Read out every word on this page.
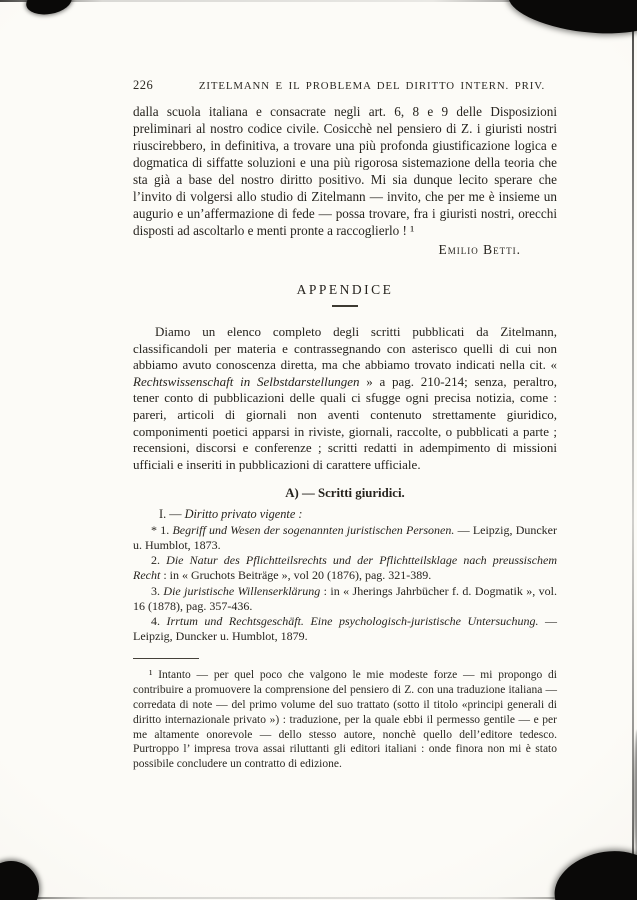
226	ZITELMANN E IL PROBLEMA DEL DIRITTO INTERN. PRIV.

dalla scuola italiana e consacrate negli art. 6, 8 e 9 delle Disposizioni preliminari al nostro codice civile. Cosicchè nel pensiero di Z. i giuristi nostri riuscirebbero, in definitiva, a trovare una più profonda giustificazione logica e dogmatica di siffatte soluzioni e una più rigorosa sistemazione della teoria che sta già a base del nostro diritto positivo. Mi sia dunque lecito sperare che l’invito di volgersi allo studio di Zitelmann — invito, che per me è insieme un augurio e un’affermazione di fede — possa trovare, fra i giuristi nostri, orecchi disposti ad ascoltarlo e menti pronte a raccoglierlo ! ¹

Emilio Betti.

APPENDICE

Diamo un elenco completo degli scritti pubblicati da Zitelmann, classificandoli per materia e contrassegnando con asterisco quelli di cui non abbiamo avuto conoscenza diretta, ma che abbiamo trovato indicati nella cit. « Rechtswissenschaft in Selbstdarstellungen » a pag. 210-214; senza, peraltro, tener conto di pubblicazioni delle quali ci sfugge ogni precisa notizia, come : pareri, articoli di giornali non aventi contenuto strettamente giuridico, componimenti poetici apparsi in riviste, giornali, raccolte, o pubblicati a parte ; recensioni, discorsi e conferenze ; scritti redatti in adempimento di missioni ufficiali e inseriti in pubblicazioni di carattere ufficiale.

A) — Scritti giuridici.

I. — Diritto privato vigente :

* 1. Begriff und Wesen der sogenannten juristischen Personen. — Leipzig, Duncker u. Humblot, 1873.

2. Die Natur des Pflichtteilsrechts und der Pflichtteilsklage nach preussischem Recht : in « Gruchots Beiträge », vol 20 (1876), pag. 321-389.

3. Die juristische Willenserklärung : in « Jherings Jahrbücher f. d. Dogmatik », vol. 16 (1878), pag. 357-436.

4. Irrtum und Rechtsgeschäft. Eine psychologisch-juristische Untersuchung. — Leipzig, Duncker u. Humblot, 1879.

¹ Intanto — per quel poco che valgono le mie modeste forze — mi propongo di contribuire a promuovere la comprensione del pensiero di Z. con una traduzione italiana — corredata di note — del primo volume del suo trattato (sotto il titolo «principi generali di diritto internazionale privato ») : traduzione, per la quale ebbi il permesso gentile — e per me altamente onorevole — dello stesso autore, nonchè quello dell’editore tedesco. Purtroppo l’ impresa trova assai riluttanti gli editori italiani : onde finora non mi è stato possibile concludere un contratto di edizione.
